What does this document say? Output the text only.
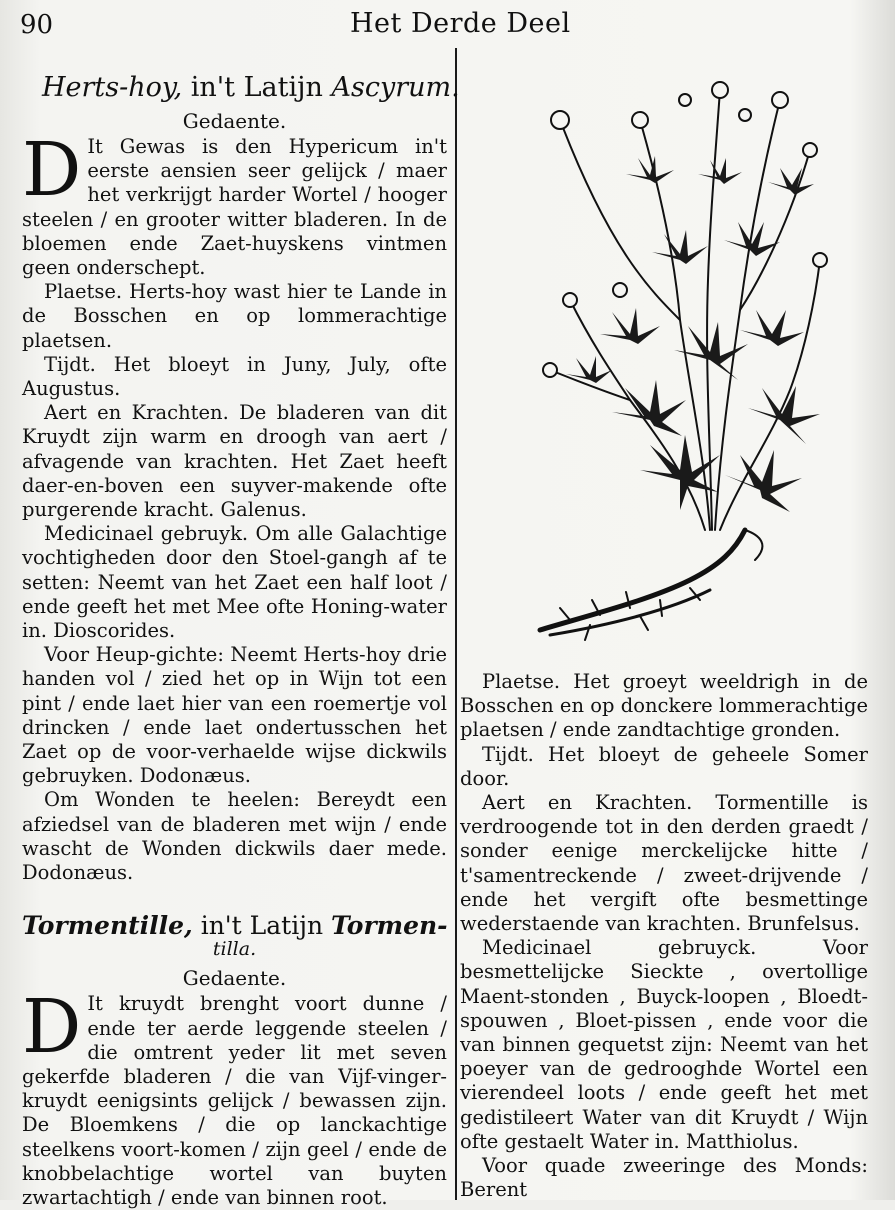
90	Het Derde Deel
Herts-hoy, in't Latijn Ascyrum.
Gedaente.

D It Gewas is den Hypericum in't eerste aensien seer gelijck / maer het verkrijgt harder Wortel / hooger steelen / en grooter witter bladeren. In de bloemen ende Zaet-huyskens vintmen geen onderschept.

Plaetse. Herts-hoy wast hier te Lande in de Bosschen en op lommerachtige plaetsen.

Tijdt. Het bloeyt in Juny, July, ofte Augustus.

Aert en Krachten. De bladeren van dit Kruydt zijn warm en droogh van aert / afvagende van krachten. Het Zaet heeft daer-en-boven een suyver-makende ofte purgerende kracht. Galenus.

Medicinael gebruyk. Om alle Galachtige vochtigheden door den Stoel-gangh af te setten: Neemt van het Zaet een half loot / ende geeft het met Mee ofte Honing-water in. Dioscorides.

Voor Heup-gichte: Neemt Herts-hoy drie handen vol / zied het op in Wijn tot een pint / ende laet hier van een roemertje vol drincken / ende laet ondertusschen het Zaet op de voor-verhaelde wijse dickwils gebruyken. Dodonæus.

Om Wonden te heelen: Bereydt een afziedsel van de bladeren met wijn / ende wascht de Wonden dickwils daer mede. Dodonæus.

Tormentille, in't Latijn Tormen-
tilla.
Gedaente.

D It kruydt brenght voort dunne / ende ter aerde leggende steelen / die omtrent yeder lit met seven gekerfde bladeren / die van Vijf-vinger-kruydt eenigsints gelijck / bewassen zijn. De Bloemkens / die op lanckachtige steelkens voort-komen / zijn geel / ende de knobbelachtige wortel van buyten zwartachtigh / ende van binnen root.

Plaetse. Het groeyt weeldrigh in de Bosschen en op donckere lommerachtige plaetsen / ende zandtachtige gronden.

Tijdt. Het bloeyt de geheele Somer door.

Aert en Krachten. Tormentille is verdroogende tot in den derden graedt / sonder eenige merckelijcke hitte / t'samentreckende / zweet-drijvende / ende het vergift ofte besmettinge wederstaende van krachten. Brunfelsus.

Medicinael gebruyck. Voor besmettelijcke Sieckte , overtollige Maent-stonden , Buyck-loopen , Bloedt-spouwen , Bloet-pissen , ende voor die van binnen gequetst zijn: Neemt van het poeyer van de gedrooghde Wortel een vierendeel loots / ende geeft het met gedistileert Water van dit Kruydt / Wijn ofte gestaelt Water in. Matthiolus.

Voor quade zweeringe des Monds: Berent
